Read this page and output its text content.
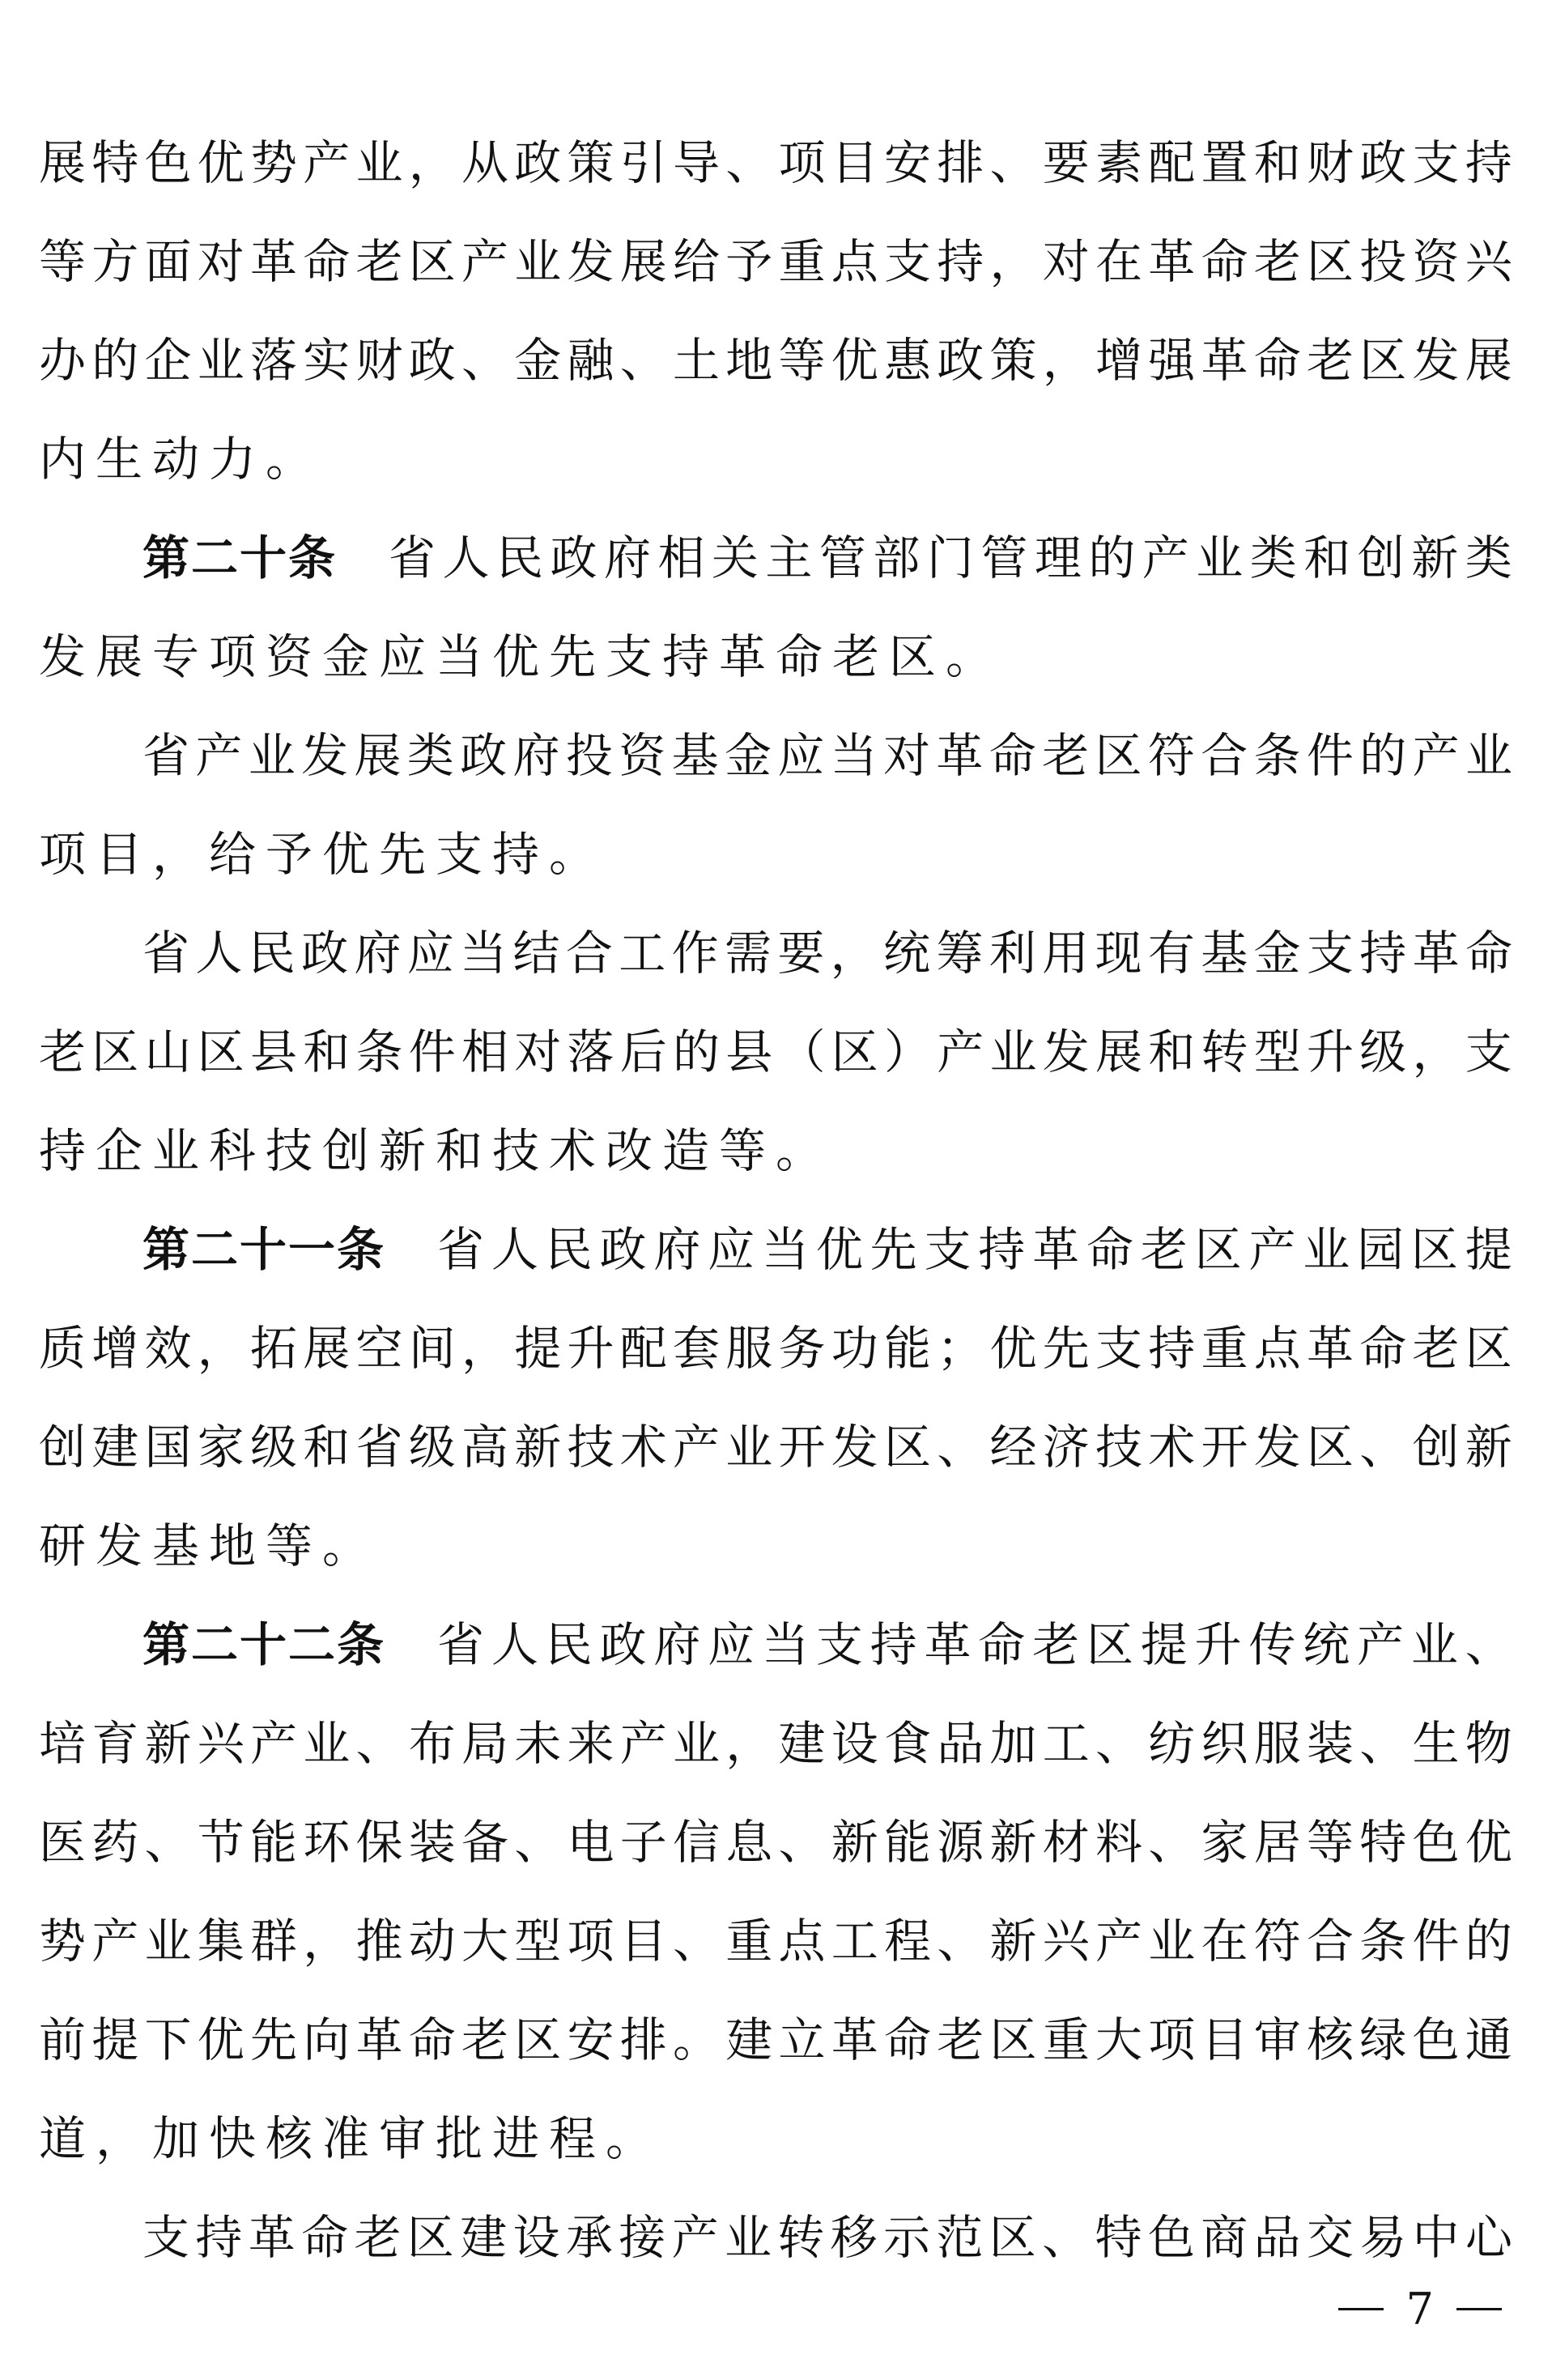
展 特 色 优 势 产 业 ， 从 政 策 引 导 、 项 目 安 排 、 要 素 配 置 和 财 政 支 持
等 方 面 对 革 命 老 区 产 业 发 展 给 予 重 点 支 持 ， 对 在 革 命 老 区 投 资 兴
办 的 企 业 落 实 财 政 、 金 融 、 土 地 等 优 惠 政 策 ， 增 强 革 命 老 区 发 展
内生动力。
第二十条 省 人 民 政 府 相 关 主 管 部 门 管 理 的 产 业 类 和 创 新 类
发展专项资金应当优先支持革命老区。
省 产 业 发 展 类 政 府 投 资 基 金 应 当 对 革 命 老 区 符 合 条 件 的 产 业
项目，给予优先支持。
省 人 民 政 府 应 当 结 合 工 作 需 要 ， 统 筹 利 用 现 有 基 金 支 持 革 命
老 区 山 区 县 和 条 件 相 对 落 后 的 县 （ 区 ） 产 业 发 展 和 转 型 升 级 ， 支
持企业科技创新和技术改造等。
第二十一条 省 人 民 政 府 应 当 优 先 支 持 革 命 老 区 产 业 园 区 提
质 增 效 ， 拓 展 空 间 ， 提 升 配 套 服 务 功 能 ； 优 先 支 持 重 点 革 命 老 区
创 建 国 家 级 和 省 级 高 新 技 术 产 业 开 发 区 、 经 济 技 术 开 发 区 、 创 新
研发基地等。
第二十二条 省 人 民 政 府 应 当 支 持 革 命 老 区 提 升 传 统 产 业 、
培 育 新 兴 产 业 、 布 局 未 来 产 业 ， 建 设 食 品 加 工 、 纺 织 服 装 、 生 物
医 药 、 节 能 环 保 装 备 、 电 子 信 息 、 新 能 源 新 材 料 、 家 居 等 特 色 优
势 产 业 集 群 ， 推 动 大 型 项 目 、 重 点 工 程 、 新 兴 产 业 在 符 合 条 件 的
前 提 下 优 先 向 革 命 老 区 安 排 。 建 立 革 命 老 区 重 大 项 目 审 核 绿 色 通
道，加快核准审批进程。
支 持 革 命 老 区 建 设 承 接 产 业 转 移 示 范 区 、 特 色 商 品 交 易 中 心
7
